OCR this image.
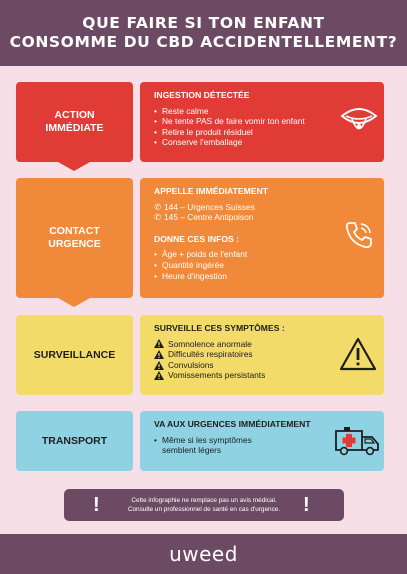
QUE FAIRE SI TON ENFANT
CONSOMME DU CBD ACCIDENTELLEMENT?
ACTION
IMMÉDIATE
INGESTION DÉTECTÉE
• Reste calme
• Ne tente PAS de faire vomir ton enfant
• Retire le produit résiduel
• Conserve l'emballage
CONTACT
URGENCE
APPELLE IMMÉDIATEMENT
✆ 144 – Urgences Suisses
✆ 145 – Centre Antipoison
DONNE CES INFOS :
• Âge + poids de l'enfant
• Quantité ingérée
• Heure d'ingestion
SURVEILLANCE
SURVEILLE CES SYMPTÔMES :
Somnolence anormale
Difficultés respiratoires
Convulsions
Vomissements persistants
TRANSPORT
VA AUX URGENCES IMMÉDIATEMENT
• Même si les symptômes semblent légers
Cette infographie ne remplace pas un avis médical.
Consulte un professionnel de santé en cas d'urgence.
!	!
uweed
